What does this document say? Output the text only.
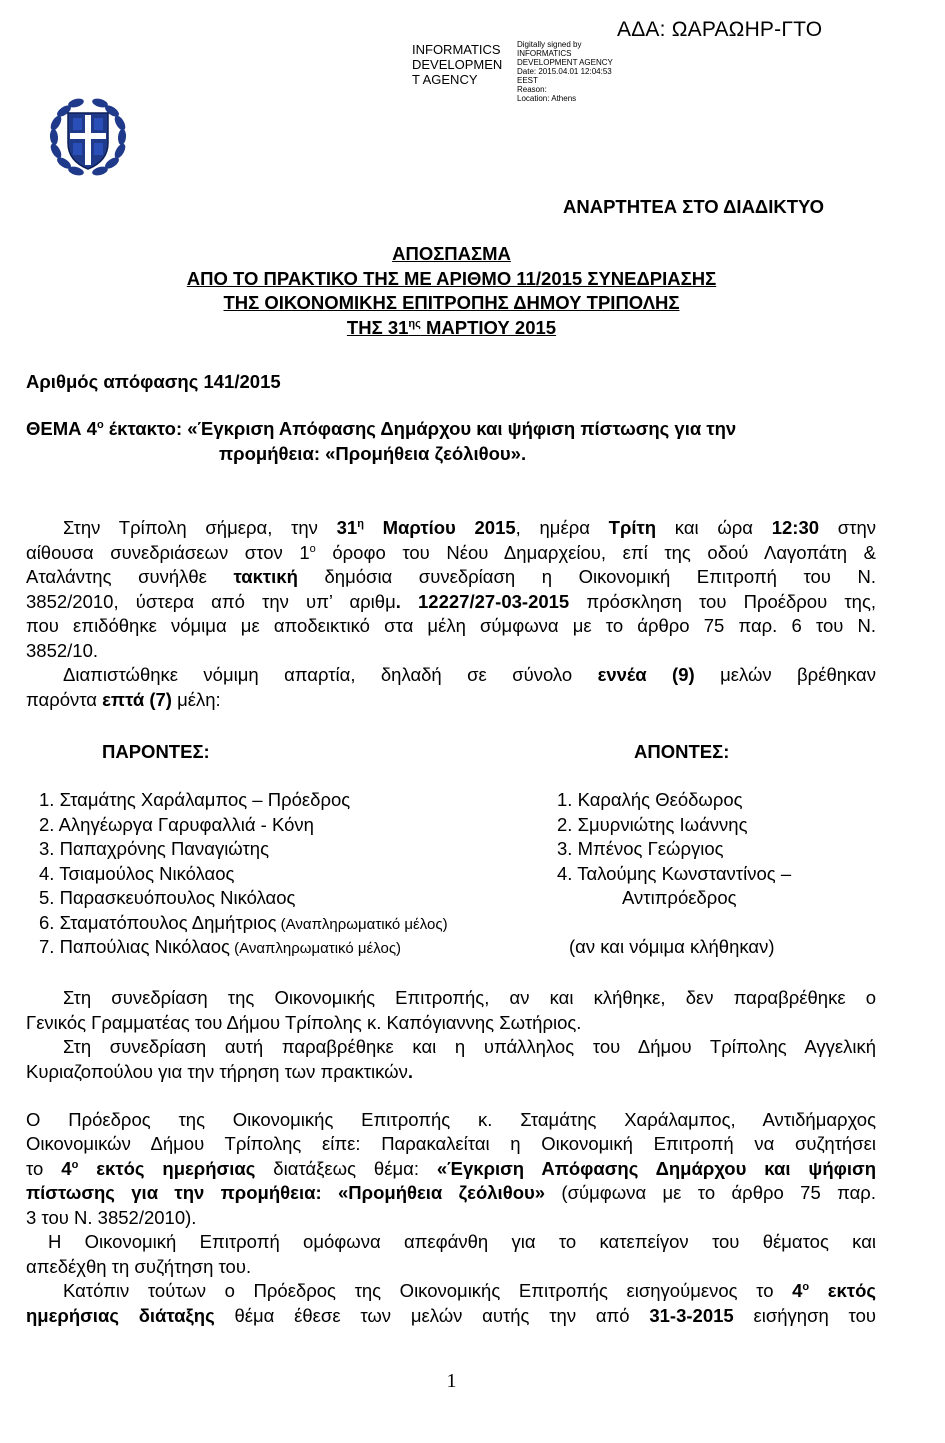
ΑΔΑ: ΩΑΡΑΩΗΡ-ΓΤΟ
INFORMATICS
DEVELOPMEN
T AGENCY
Digitally signed by
INFORMATICS
DEVELOPMENT AGENCY
Date: 2015.04.01 12:04:53
EEST
Reason:
Location: Athens
ΑΝΑΡΤΗΤΕΑ ΣΤΟ ΔΙΑΔΙΚΤΥΟ
ΑΠΟΣΠΑΣΜΑ
ΑΠΟ ΤΟ ΠΡΑΚΤΙΚΟ ΤΗΣ ΜΕ ΑΡΙΘΜΟ 11/2015 ΣΥΝΕΔΡΙΑΣΗΣ
ΤΗΣ ΟΙΚΟΝΟΜΙΚΗΣ ΕΠΙΤΡΟΠΗΣ ΔΗΜΟΥ ΤΡΙΠΟΛΗΣ
ΤΗΣ $31^{\eta\varsigma}$ ΜΑΡΤΙΟΥ 2015
Αριθμός απόφασης 141/2015
ΘΕΜΑ $4^o$ έκτακτο: «Έγκριση Απόφασης Δημάρχου και ψήφιση πίστωσης για την
προμήθεια: «Προμήθεια ζεόλιθου».
Στην Τρίπολη σήμερα, την $31^\eta$ Μαρτίου 2015, ημέρα Τρίτη και ώρα 12:30 στην
αίθουσα συνεδριάσεων στον $1^o$ όροφο του Νέου Δημαρχείου, επί της οδού Λαγοπάτη &
Αταλάντης συνήλθε τακτική δημόσια συνεδρίαση η Οικονομική Επιτροπή του Ν.
3852/2010, ύστερα από την υπ’ αριθμ. 12227/27-03-2015 πρόσκληση του Προέδρου της,
που επιδόθηκε νόμιμα με αποδεικτικό στα μέλη σύμφωνα με το άρθρο 75 παρ. 6 του Ν.
3852/10.
Διαπιστώθηκε νόμιμη απαρτία, δηλαδή σε σύνολο εννέα (9) μελών βρέθηκαν
παρόντα επτά (7) μέλη:
ΠΑΡΟΝΤΕΣ:	ΑΠΟΝΤΕΣ:
1. Σταμάτης Χαράλαμπος – Πρόεδρος
2. Αληγέωργα Γαρυφαλλιά - Κόνη
3. Παπαχρόνης Παναγιώτης
4. Τσιαμούλος Νικόλαος
5. Παρασκευόπουλος Νικόλαος
6. Σταματόπουλος Δημήτριος (Αναπληρωματικό μέλος)
7. Παπούλιας Νικόλαος (Αναπληρωματικό μέλος)
1. Καραλής Θεόδωρος
2. Σμυρνιώτης Ιωάννης
3. Μπένος Γεώργιος
4. Ταλούμης Κωνσταντίνος –
Αντιπρόεδρος
(αν και νόμιμα κλήθηκαν)
Στη συνεδρίαση της Οικονομικής Επιτροπής, αν και κλήθηκε, δεν παραβρέθηκε ο
Γενικός Γραμματέας του Δήμου Τρίπολης κ. Καπόγιαννης Σωτήριος.
Στη συνεδρίαση αυτή παραβρέθηκε και η υπάλληλος του Δήμου Τρίπολης Αγγελική
Κυριαζοπούλου για την τήρηση των πρακτικών.
Ο Πρόεδρος της Οικονομικής Επιτροπής κ. Σταμάτης Χαράλαμπος, Αντιδήμαρχος
Οικονομικών Δήμου Τρίπολης είπε: Παρακαλείται η Οικονομική Επιτροπή να συζητήσει
το $4^o$ εκτός ημερήσιας διατάξεως θέμα: «Έγκριση Απόφασης Δημάρχου και ψήφιση
πίστωσης για την προμήθεια: «Προμήθεια ζεόλιθου» (σύμφωνα με το άρθρο 75 παρ.
3 του Ν. 3852/2010).
Η Οικονομική Επιτροπή ομόφωνα απεφάνθη για το κατεπείγον του θέματος και
απεδέχθη τη συζήτηση του.
Κατόπιν τούτων ο Πρόεδρος της Οικονομικής Επιτροπής εισηγούμενος το $4^o$ εκτός
ημερήσιας διάταξης θέμα έθεσε των μελών αυτής την από 31-3-2015 εισήγηση του
1
